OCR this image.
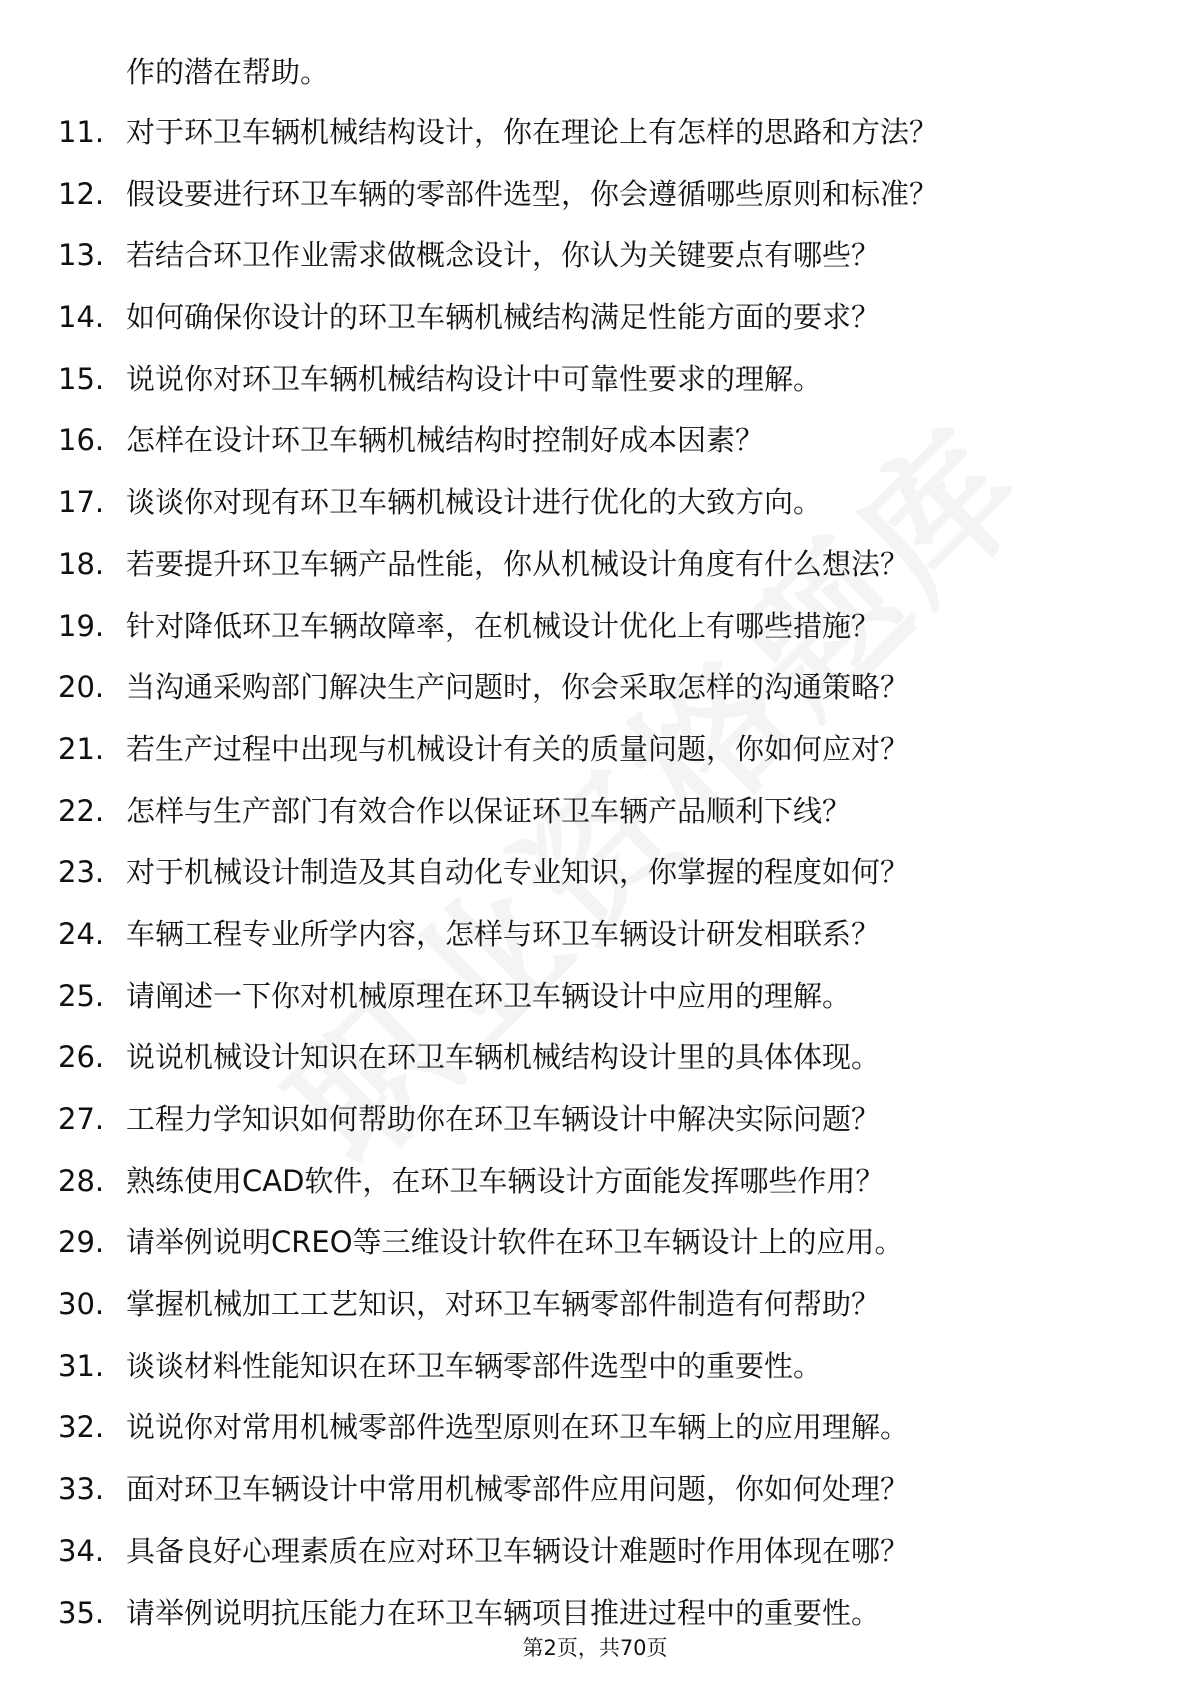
作的潜在帮助。
11. 对于环卫车辆机械结构设计，你在理论上有怎样的思路和方法？
12. 假设要进行环卫车辆的零部件选型，你会遵循哪些原则和标准？
13. 若结合环卫作业需求做概念设计，你认为关键要点有哪些？
14. 如何确保你设计的环卫车辆机械结构满足性能方面的要求？
15. 说说你对环卫车辆机械结构设计中可靠性要求的理解。
16. 怎样在设计环卫车辆机械结构时控制好成本因素？
17. 谈谈你对现有环卫车辆机械设计进行优化的大致方向。
18. 若要提升环卫车辆产品性能，你从机械设计角度有什么想法？
19. 针对降低环卫车辆故障率，在机械设计优化上有哪些措施？
20. 当沟通采购部门解决生产问题时，你会采取怎样的沟通策略？
21. 若生产过程中出现与机械设计有关的质量问题，你如何应对？
22. 怎样与生产部门有效合作以保证环卫车辆产品顺利下线？
23. 对于机械设计制造及其自动化专业知识，你掌握的程度如何？
24. 车辆工程专业所学内容，怎样与环卫车辆设计研发相联系？
25. 请阐述一下你对机械原理在环卫车辆设计中应用的理解。
26. 说说机械设计知识在环卫车辆机械结构设计里的具体体现。
27. 工程力学知识如何帮助你在环卫车辆设计中解决实际问题？
28. 熟练使用CAD软件，在环卫车辆设计方面能发挥哪些作用？
29. 请举例说明CREO等三维设计软件在环卫车辆设计上的应用。
30. 掌握机械加工工艺知识，对环卫车辆零部件制造有何帮助？
31. 谈谈材料性能知识在环卫车辆零部件选型中的重要性。
32. 说说你对常用机械零部件选型原则在环卫车辆上的应用理解。
33. 面对环卫车辆设计中常用机械零部件应用问题，你如何处理？
34. 具备良好心理素质在应对环卫车辆设计难题时作用体现在哪？
35. 请举例说明抗压能力在环卫车辆项目推进过程中的重要性。
第2页，共70页
